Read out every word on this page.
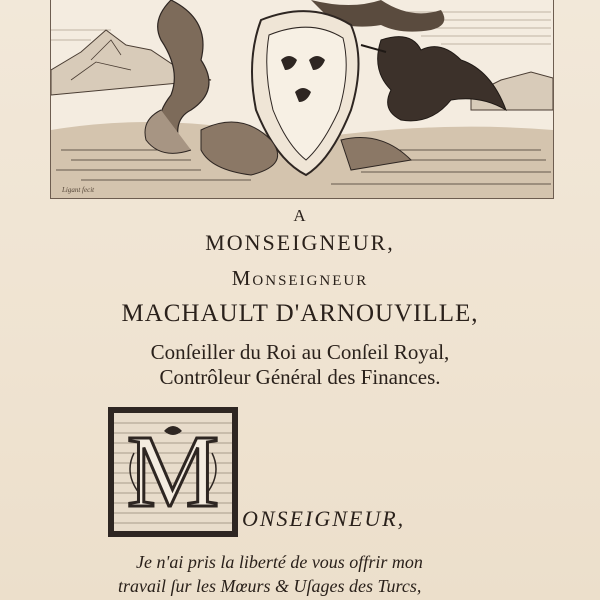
Ligant fecit
A
MONSEIGNEUR,
Monseigneur
MACHAULT D'ARNOUVILLE,
Conſeiller du Roi au Conſeil Royal,
Contrôleur Général des Finances.
M	ONSEIGNEUR,
Je n'ai pris la liberté de vous offrir mon
travail ſur les Mœurs & Uſages des Turcs,
